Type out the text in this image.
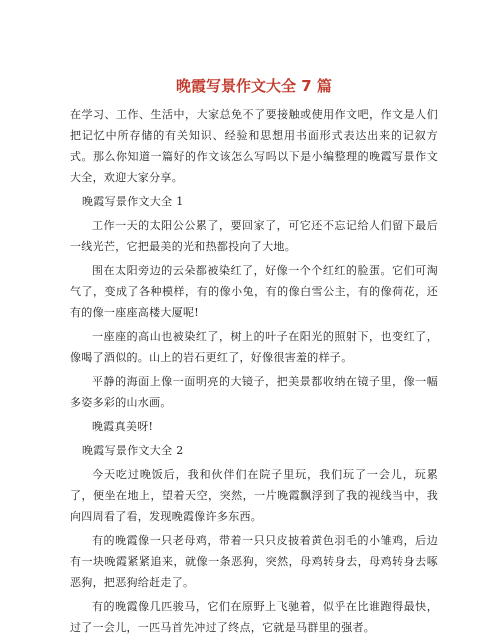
晚霞写景作文大全 7 篇

在学习、工作、生活中，大家总免不了要接触或使用作文吧，作文是人们把记忆中所存储的有关知识、经验和思想用书面形式表达出来的记叙方式。那么你知道一篇好的作文该怎么写吗以下是小编整理的晚霞写景作文大全，欢迎大家分享。

晚霞写景作文大全 1

工作一天的太阳公公累了，要回家了，可它还不忘记给人们留下最后一线光芒，它把最美的光和热都投向了大地。

围在太阳旁边的云朵都被染红了，好像一个个红红的脸蛋。它们可淘气了，变成了各种模样，有的像小兔，有的像白雪公主，有的像荷花，还有的像一座座高楼大厦呢!

一座座的高山也被染红了，树上的叶子在阳光的照射下，也变红了，像喝了酒似的。山上的岩石更红了，好像很害羞的样子。

平静的海面上像一面明亮的大镜子，把美景都收纳在镜子里，像一幅多姿多彩的山水画。

晚霞真美呀!

晚霞写景作文大全 2

今天吃过晚饭后，我和伙伴们在院子里玩，我们玩了一会儿，玩累了，便坐在地上，望着天空，突然，一片晚霞飘浮到了我的视线当中，我向四周看了看，发现晚霞像许多东西。

有的晚霞像一只老母鸡，带着一只只皮披着黄色羽毛的小雏鸡，后边有一块晚霞紧紧追来，就像一条恶狗，突然，母鸡转身去，母鸡转身去啄恶狗，把恶狗给赶走了。

有的晚霞像几匹骏马，它们在原野上飞驰着，似乎在比谁跑得最快，过了一会儿，一匹马首先冲过了终点，它就是马群里的强者。
